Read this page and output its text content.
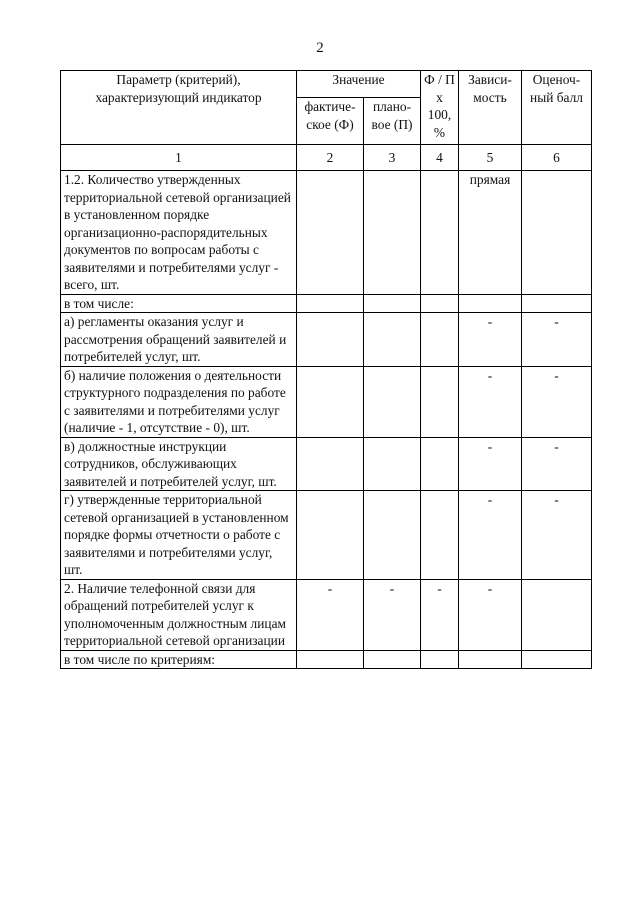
2
Параметр (критерий), характеризующий индикатор	Значение		Ф / П х 100, %	Зависи-мость	Оценоч-ный балл
	фактиче-ское (Ф)	плано-вое (П)			
1	2	3	4	5	6
1.2. Количество утвержденных территориальной сетевой организацией в установленном порядке организационно-распорядительных документов по вопросам работы с заявителями и потребителями услуг - всего, шт.				прямая	
в том числе:					
а) регламенты оказания услуг и рассмотрения обращений заявителей и потребителей услуг, шт.				-	-
б) наличие положения о деятельности структурного подразделения по работе с заявителями и потребителями услуг (наличие - 1, отсутствие - 0), шт.				-	-
в) должностные инструкции сотрудников, обслуживающих заявителей и потребителей услуг, шт.				-	-
г) утвержденные территориальной сетевой организацией в установленном порядке формы отчетности о работе с заявителями и потребителями услуг, шт.				-	-
2. Наличие телефонной связи для обращений потребителей услуг к уполномоченным должностным лицам территориальной сетевой организации	-	-	-	-	
в том числе по критериям:					
